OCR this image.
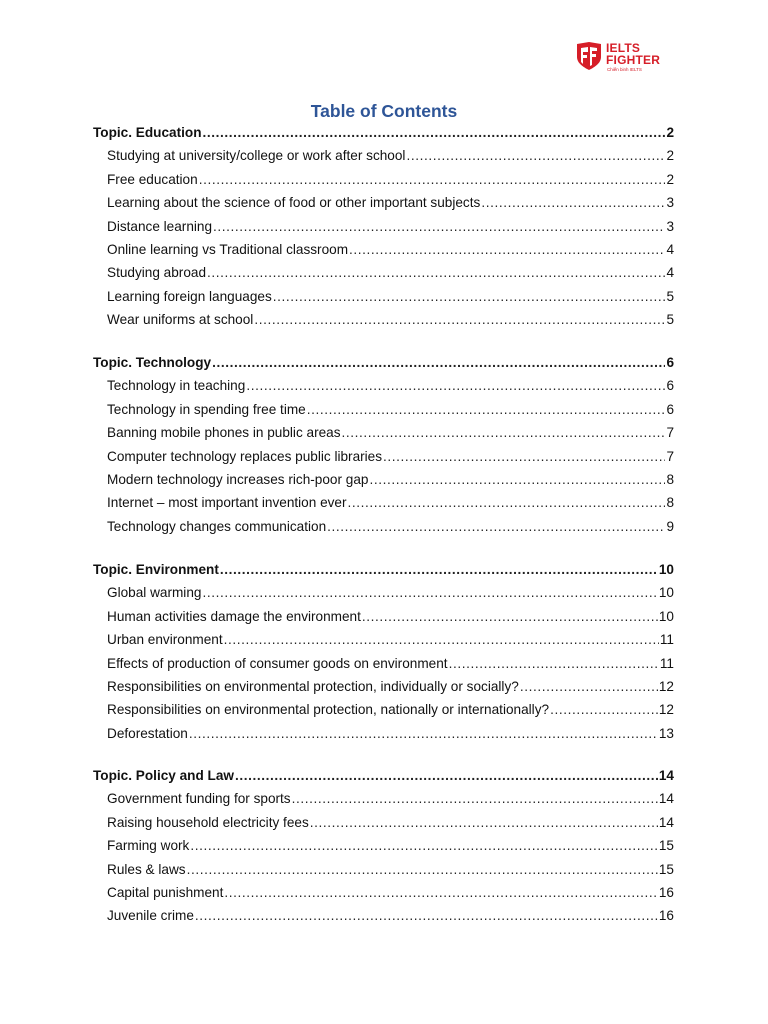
IELTS
FIGHTER
Chiến binh IELTS
Table of Contents
Topic. Education .....	2
Studying at university/college or work after school .....	2
Free education .....	2
Learning about the science of food or other important subjects .....	3
Distance learning .....	3
Online learning vs Traditional classroom .....	4
Studying abroad .....	4
Learning foreign languages .....	5
Wear uniforms at school .....	5
Topic. Technology .....	6
Technology in teaching .....	6
Technology in spending free time .....	6
Banning mobile phones in public areas .....	7
Computer technology replaces public libraries .....	7
Modern technology increases rich-poor gap .....	8
Internet – most important invention ever .....	8
Technology changes communication .....	9
Topic. Environment .....	10
Global warming .....	10
Human activities damage the environment .....	10
Urban environment .....	11
Effects of production of consumer goods on environment .....	11
Responsibilities on environmental protection, individually or socially? .....	12
Responsibilities on environmental protection, nationally or internationally? .....	12
Deforestation .....	13
Topic. Policy and Law .....	14
Government funding for sports .....	14
Raising household electricity fees .....	14
Farming work .....	15
Rules & laws .....	15
Capital punishment .....	16
Juvenile crime .....	16
